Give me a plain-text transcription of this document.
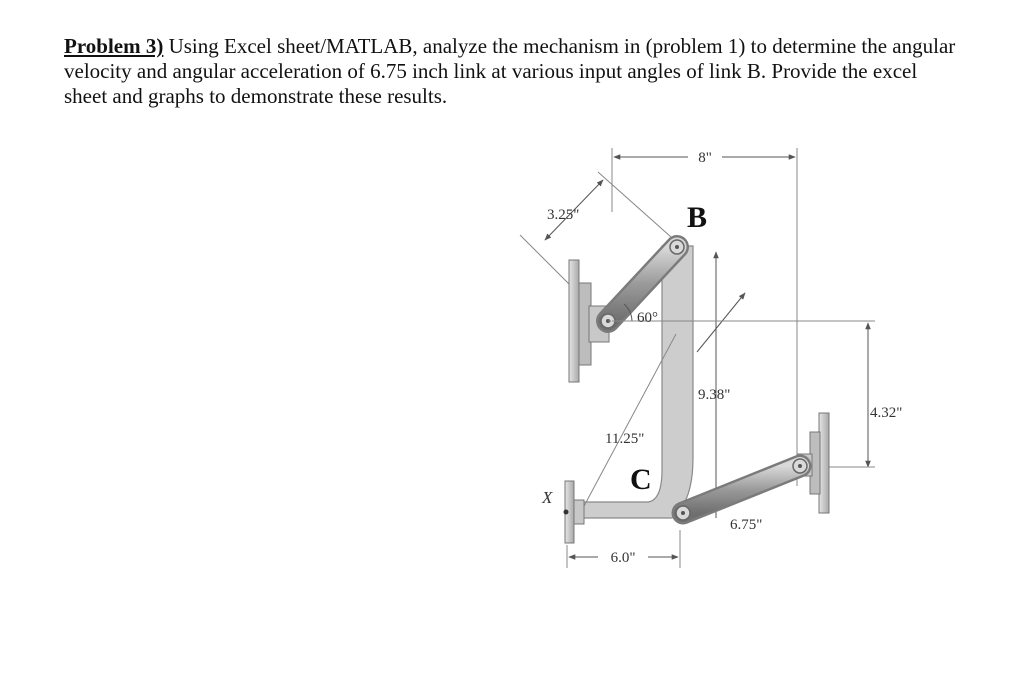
Problem 3) Using Excel sheet/MATLAB, analyze the mechanism in (problem 1) to determine the angular velocity and angular acceleration of 6.75 inch link at various input angles of link B. Provide the excel sheet and graphs to demonstrate these results.
8"
3.25"	B
60°
9.38"
4.32"
11.25"
C
X
6.75"
6.0"
